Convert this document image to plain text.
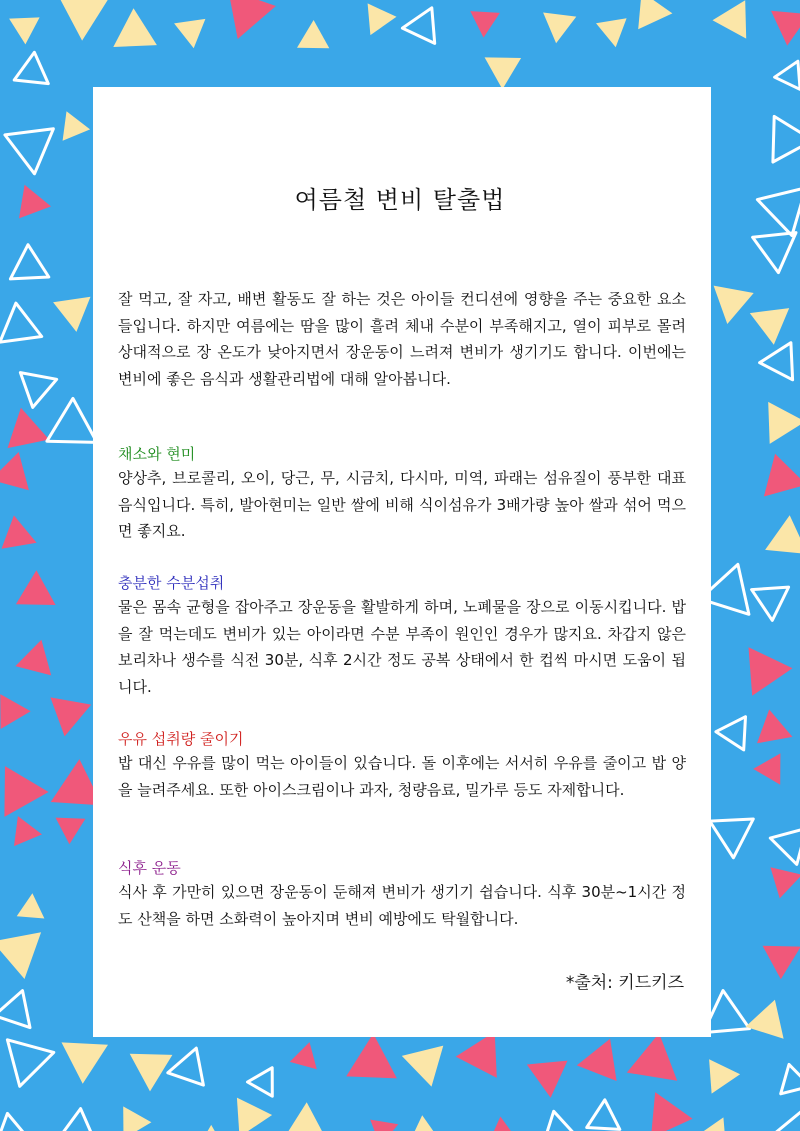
여름철 변비 탈출법

잘 먹고, 잘 자고, 배변 활동도 잘 하는 것은 아이들 컨디션에 영향을 주는 중요한 요소들입니다. 하지만 여름에는 땀을 많이 흘려 체내 수분이 부족해지고, 열이 피부로 몰려 상대적으로 장 온도가 낮아지면서 장운동이 느려져 변비가 생기기도 합니다. 이번에는 변비에 좋은 음식과 생활관리법에 대해 알아봅니다.

채소와 현미

양상추, 브로콜리, 오이, 당근, 무, 시금치, 다시마, 미역, 파래는 섬유질이 풍부한 대표 음식입니다. 특히, 발아현미는 일반 쌀에 비해 식이섬유가 3배가량 높아 쌀과 섞어 먹으면 좋지요.

충분한 수분섭취

물은 몸속 균형을 잡아주고 장운동을 활발하게 하며, 노폐물을 장으로 이동시킵니다. 밥을 잘 먹는데도 변비가 있는 아이라면 수분 부족이 원인인 경우가 많지요. 차갑지 않은 보리차나 생수를 식전 30분, 식후 2시간 정도 공복 상태에서 한 컵씩 마시면 도움이 됩니다.

우유 섭취량 줄이기

밥 대신 우유를 많이 먹는 아이들이 있습니다. 돌 이후에는 서서히 우유를 줄이고 밥 양을 늘려주세요. 또한 아이스크림이나 과자, 청량음료, 밀가루 등도 자제합니다.

식후 운동

식사 후 가만히 있으면 장운동이 둔해져 변비가 생기기 쉽습니다. 식후 30분~1시간 정도 산책을 하면 소화력이 높아지며 변비 예방에도 탁월합니다.

*출처: 키드키즈
